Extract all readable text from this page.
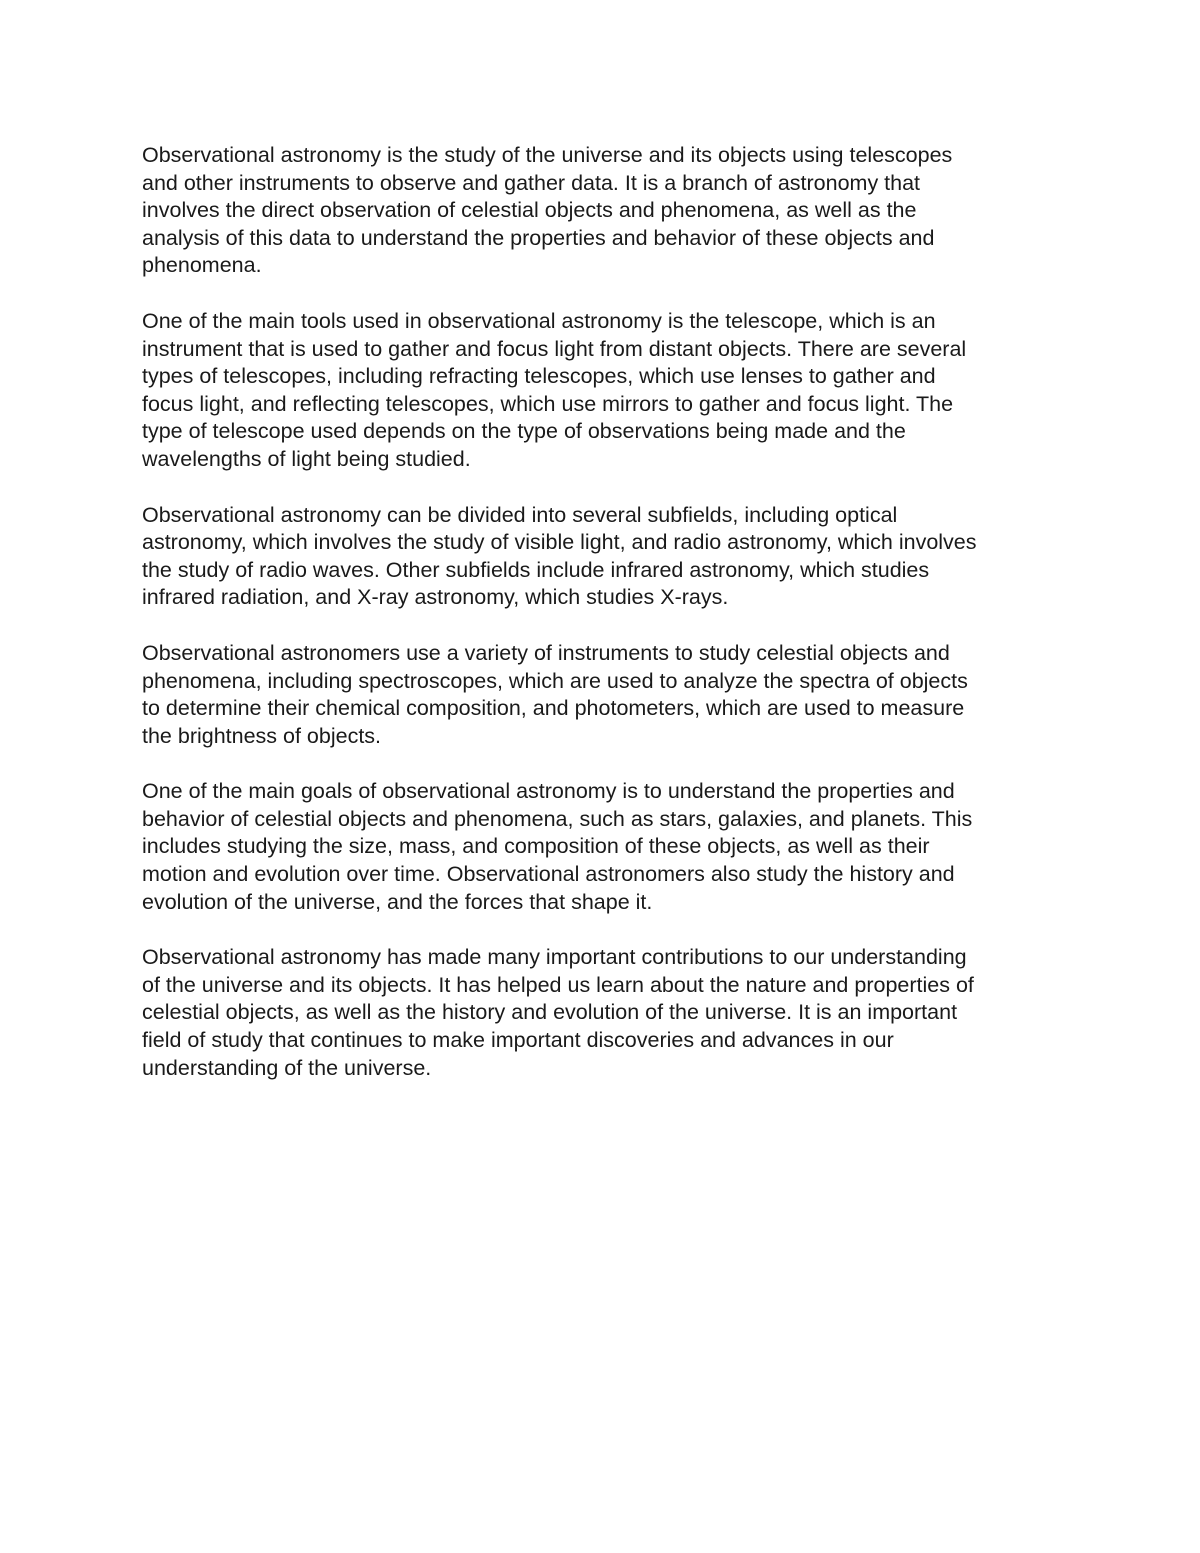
Observational astronomy is the study of the universe and its objects using telescopes
and other instruments to observe and gather data. It is a branch of astronomy that
involves the direct observation of celestial objects and phenomena, as well as the
analysis of this data to understand the properties and behavior of these objects and
phenomena.

One of the main tools used in observational astronomy is the telescope, which is an
instrument that is used to gather and focus light from distant objects. There are several
types of telescopes, including refracting telescopes, which use lenses to gather and
focus light, and reflecting telescopes, which use mirrors to gather and focus light. The
type of telescope used depends on the type of observations being made and the
wavelengths of light being studied.

Observational astronomy can be divided into several subfields, including optical
astronomy, which involves the study of visible light, and radio astronomy, which involves
the study of radio waves. Other subfields include infrared astronomy, which studies
infrared radiation, and X-ray astronomy, which studies X-rays.

Observational astronomers use a variety of instruments to study celestial objects and
phenomena, including spectroscopes, which are used to analyze the spectra of objects
to determine their chemical composition, and photometers, which are used to measure
the brightness of objects.

One of the main goals of observational astronomy is to understand the properties and
behavior of celestial objects and phenomena, such as stars, galaxies, and planets. This
includes studying the size, mass, and composition of these objects, as well as their
motion and evolution over time. Observational astronomers also study the history and
evolution of the universe, and the forces that shape it.

Observational astronomy has made many important contributions to our understanding
of the universe and its objects. It has helped us learn about the nature and properties of
celestial objects, as well as the history and evolution of the universe. It is an important
field of study that continues to make important discoveries and advances in our
understanding of the universe.
